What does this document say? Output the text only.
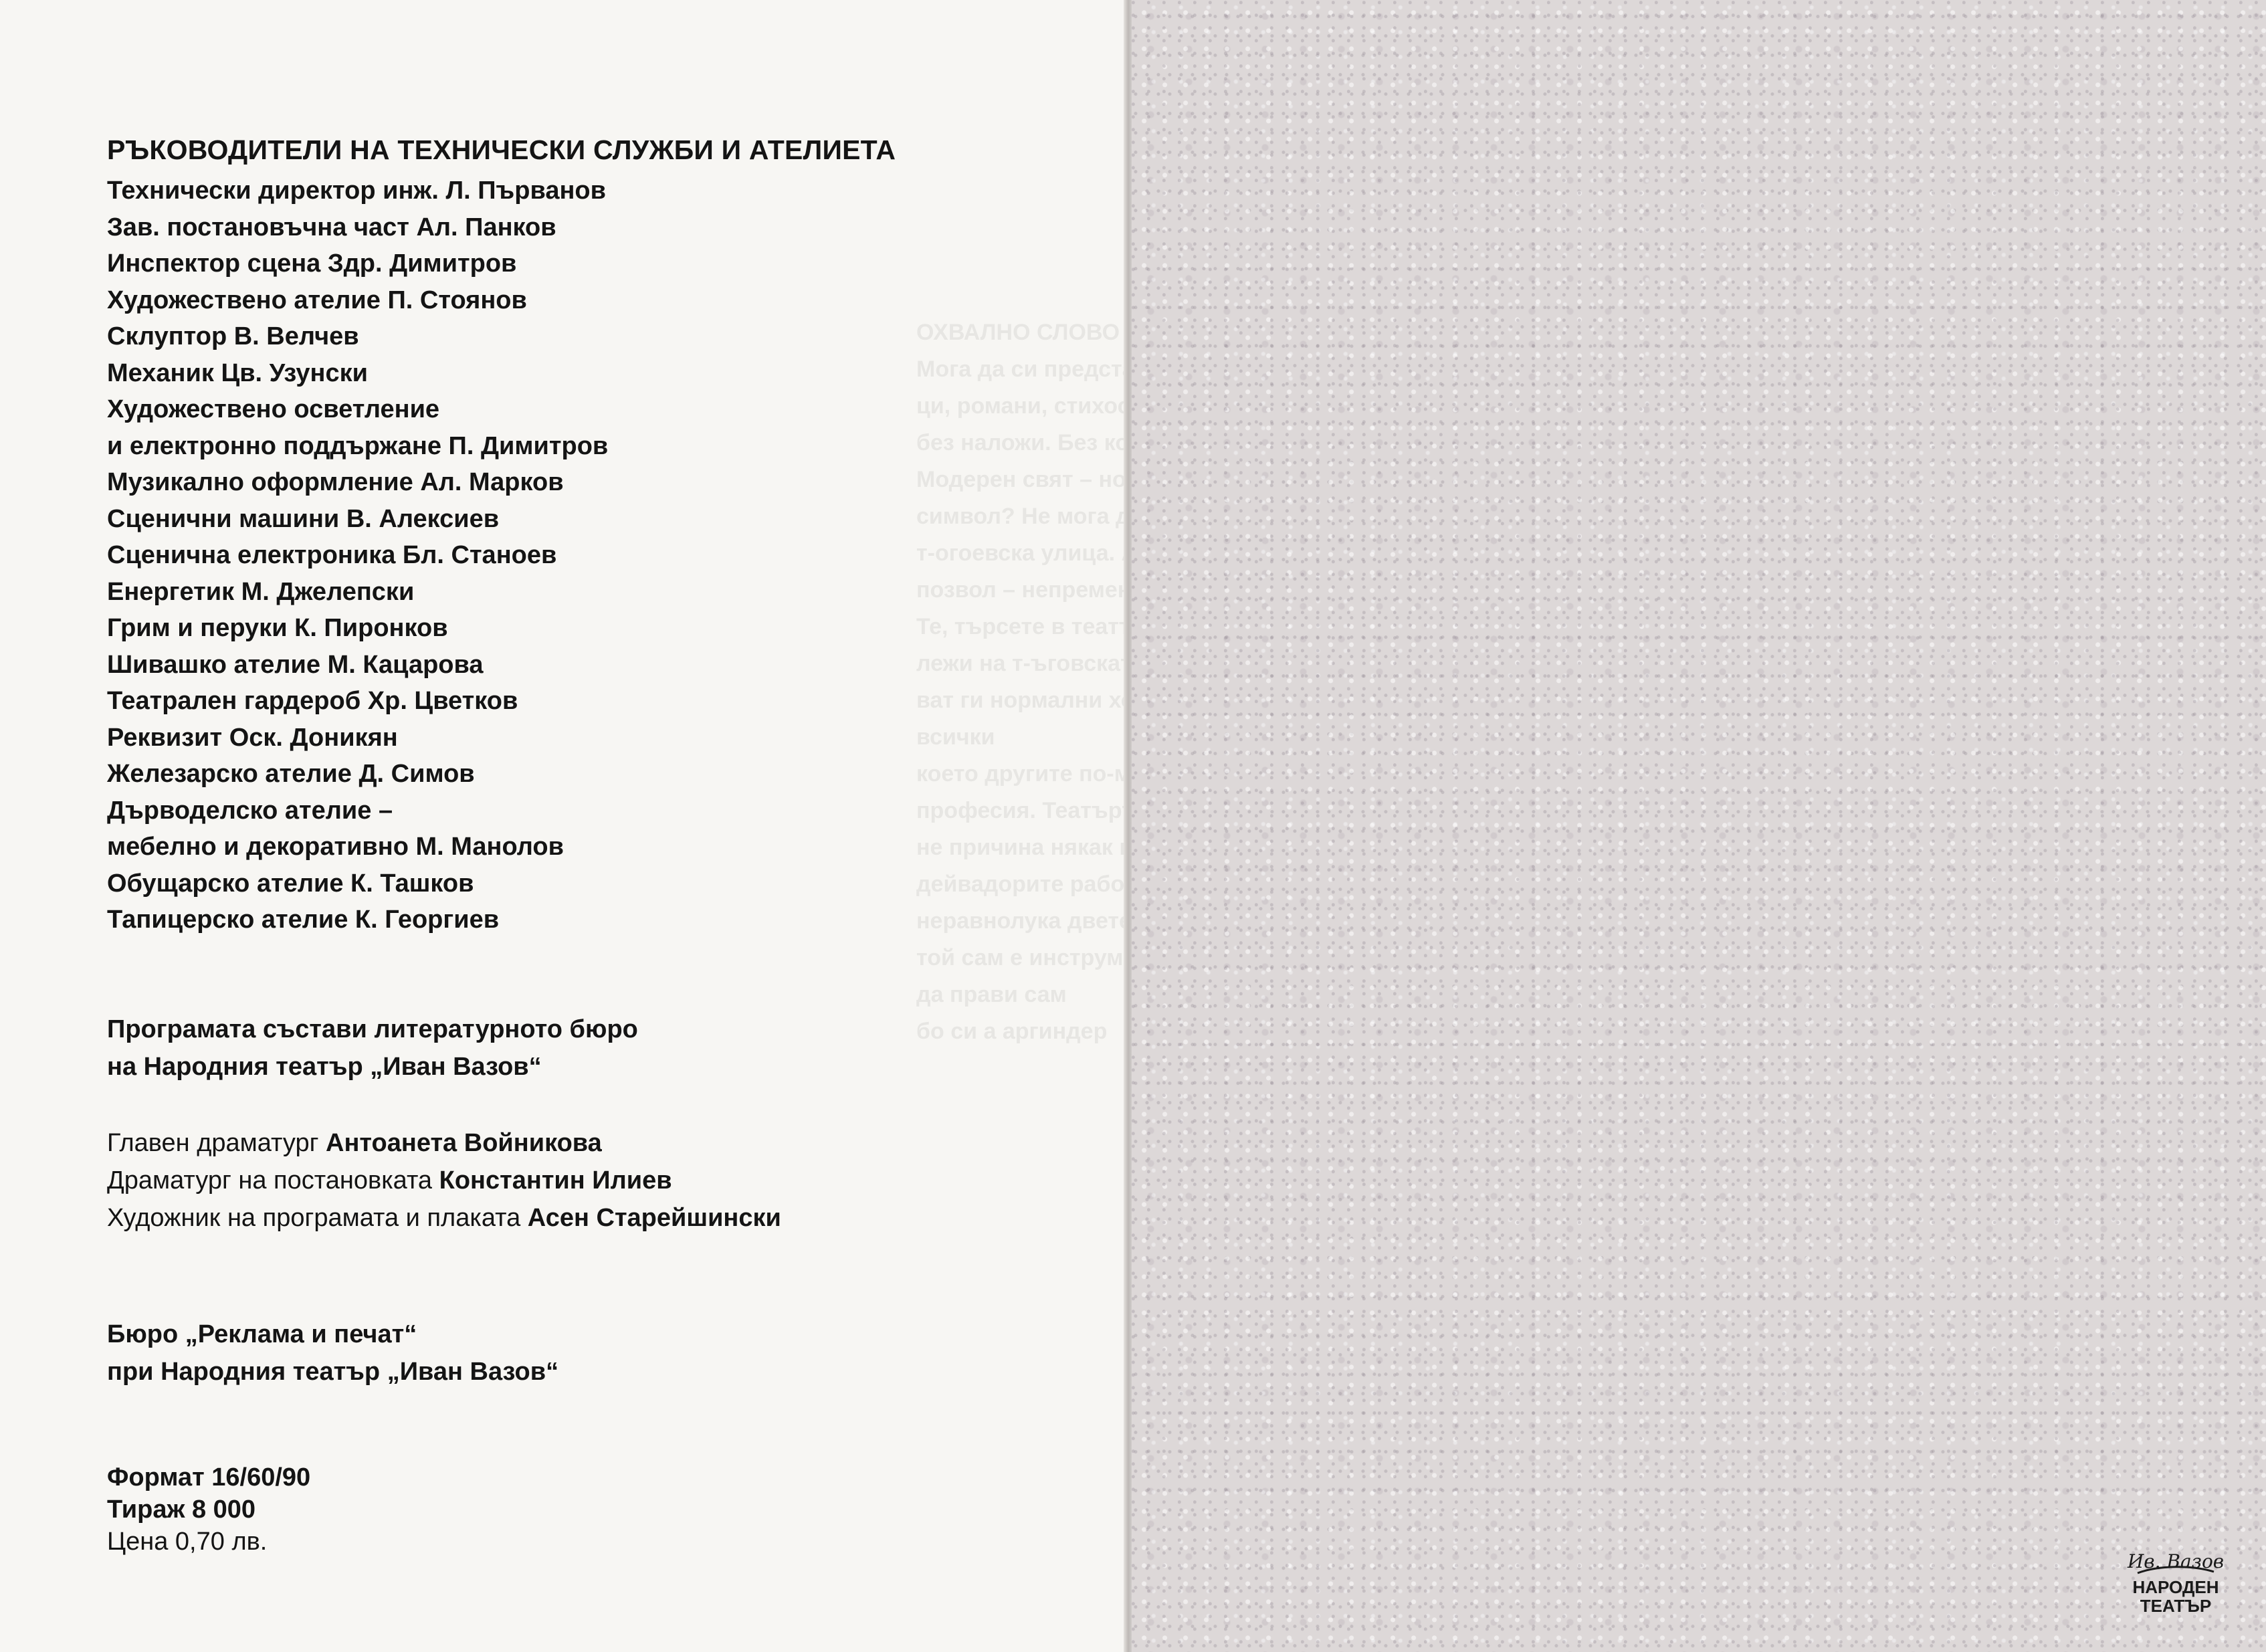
ОХВАЛНО СЛОВО ЗА ТЕАТЪРА
Мога да си представя цивилизация
ци, романи, стихосложение
без наложи. Без концерти
Модерен свят – но все пак
символ? Не мога да си
т-огоевска улица.
позвол – непременно театър.
Те, търсете в театъра нещо
лежи на т-ъговската улица. В него
ват ги нормални хора – и те, като всички
което другите по-малко умеят
професия. Театърът
не причина някак на саркез
дейвадорите работят в дома
неравнолука двете сатъра
той сам е инструмент. да прави сам
бо си а аргиндер
РЪКОВОДИТЕЛИ НА ТЕХНИЧЕСКИ СЛУЖБИ И АТЕЛИЕТА
Технически директор инж. Л. Първанов
Зав. постановъчна част Ал. Панков
Инспектор сцена Здр. Димитров
Художествено ателие П. Стоянов
Склуптор В. Велчев
Механик Цв. Узунски
Художествено осветление
и електронно поддържане П. Димитров
Музикално оформление Ал. Марков
Сценични машини В. Алексиев
Сценична електроника Бл. Станоев
Енергетик М. Джелепски
Грим и перуки К. Пиронков
Шивашко ателие М. Кацарова
Театрален гардероб Хр. Цветков
Реквизит Оск. Доникян
Железарско ателие Д. Симов
Дърводелско ателие –
мебелно и декоративно М. Манолов
Обущарско ателие К. Ташков
Тапицерско ателие К. Георгиев
Програмата състави литературното бюро
на Народния театър „Иван Вазов“
Главен драматург Антоанета Войникова
Драматург на постановката Константин Илиев
Художник на програмата и плаката Асен Старейшински
Бюро „Реклама и печат“
при Народния театър „Иван Вазов“
Формат 16/60/90
Тираж 8 000
Цена 0,70 лв.
Ив. Вазов
НАРОДЕН
ТЕАТЪР
